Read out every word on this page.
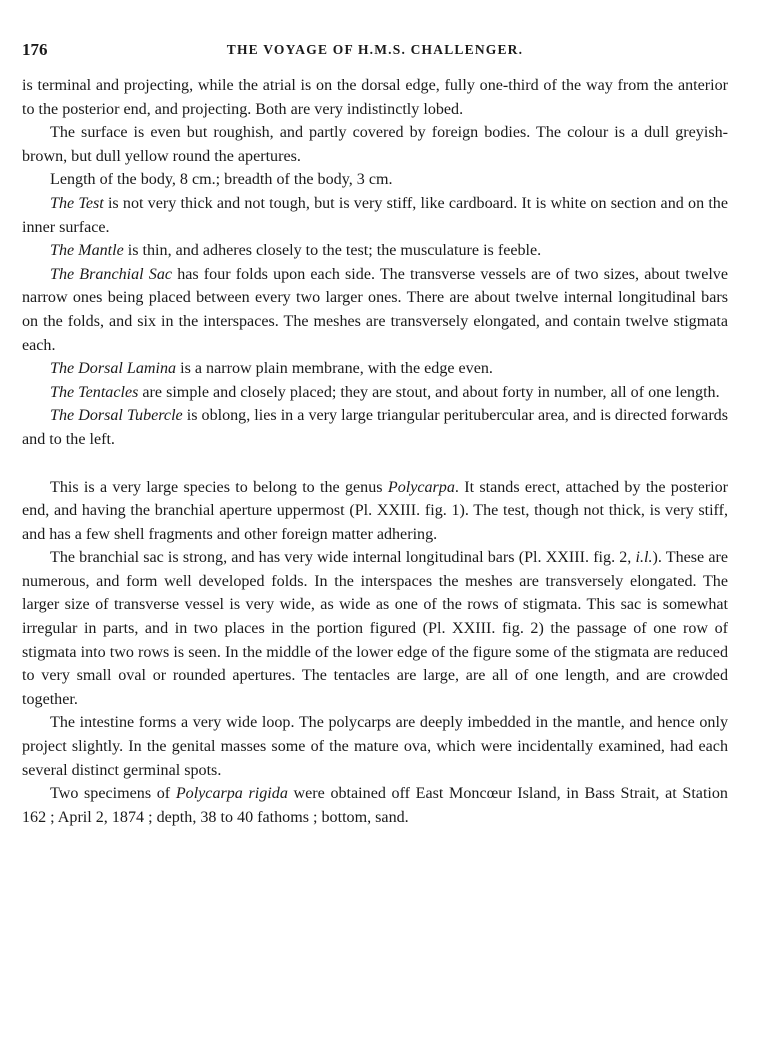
176	THE VOYAGE OF H.M.S. CHALLENGER.

is terminal and projecting, while the atrial is on the dorsal edge, fully one-third of the way from the anterior to the posterior end, and projecting. Both are very indistinctly lobed.

The surface is even but roughish, and partly covered by foreign bodies. The colour is a dull greyish-brown, but dull yellow round the apertures.

Length of the body, 8 cm.; breadth of the body, 3 cm.

The Test is not very thick and not tough, but is very stiff, like cardboard. It is white on section and on the inner surface.

The Mantle is thin, and adheres closely to the test; the musculature is feeble.

The Branchial Sac has four folds upon each side. The transverse vessels are of two sizes, about twelve narrow ones being placed between every two larger ones. There are about twelve internal longitudinal bars on the folds, and six in the interspaces. The meshes are transversely elongated, and contain twelve stigmata each.

The Dorsal Lamina is a narrow plain membrane, with the edge even.

The Tentacles are simple and closely placed; they are stout, and about forty in number, all of one length.

The Dorsal Tubercle is oblong, lies in a very large triangular peritubercular area, and is directed forwards and to the left.

This is a very large species to belong to the genus Polycarpa. It stands erect, attached by the posterior end, and having the branchial aperture uppermost (Pl. XXIII. fig. 1). The test, though not thick, is very stiff, and has a few shell fragments and other foreign matter adhering.

The branchial sac is strong, and has very wide internal longitudinal bars (Pl. XXIII. fig. 2, i.l.). These are numerous, and form well developed folds. In the interspaces the meshes are transversely elongated. The larger size of transverse vessel is very wide, as wide as one of the rows of stigmata. This sac is somewhat irregular in parts, and in two places in the portion figured (Pl. XXIII. fig. 2) the passage of one row of stigmata into two rows is seen. In the middle of the lower edge of the figure some of the stigmata are reduced to very small oval or rounded apertures. The tentacles are large, are all of one length, and are crowded together.

The intestine forms a very wide loop. The polycarps are deeply imbedded in the mantle, and hence only project slightly. In the genital masses some of the mature ova, which were incidentally examined, had each several distinct germinal spots.

Two specimens of Polycarpa rigida were obtained off East Moncœur Island, in Bass Strait, at Station 162 ; April 2, 1874 ; depth, 38 to 40 fathoms ; bottom, sand.
